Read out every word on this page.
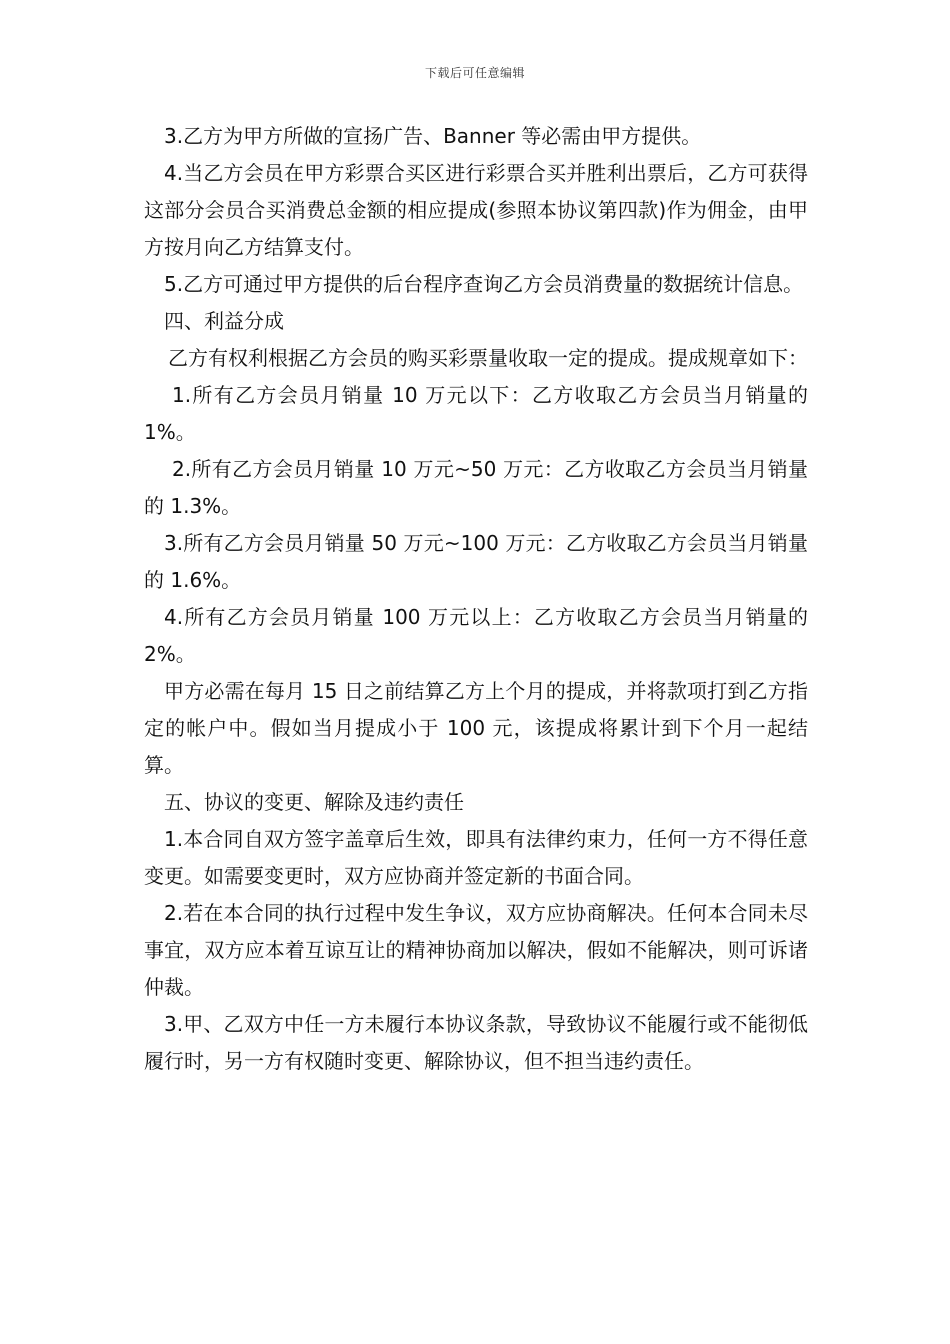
下载后可任意编辑

3.乙方为甲方所做的宣扬广告、Banner 等必需由甲方提供。

4.当乙方会员在甲方彩票合买区进行彩票合买并胜利出票后，乙方可获得这部分会员合买消费总金额的相应提成(参照本协议第四款)作为佣金，由甲方按月向乙方结算支付。

5.乙方可通过甲方提供的后台程序查询乙方会员消费量的数据统计信息。

四、利益分成

乙方有权利根据乙方会员的购买彩票量收取一定的提成。提成规章如下：

1.所有乙方会员月销量 10 万元以下：乙方收取乙方会员当月销量的 1%。

2.所有乙方会员月销量 10 万元~50 万元：乙方收取乙方会员当月销量的 1.3%。

3.所有乙方会员月销量 50 万元~100 万元：乙方收取乙方会员当月销量的 1.6%。

4.所有乙方会员月销量 100 万元以上：乙方收取乙方会员当月销量的 2%。

甲方必需在每月 15 日之前结算乙方上个月的提成，并将款项打到乙方指定的帐户中。假如当月提成小于 100 元，该提成将累计到下个月一起结算。

五、协议的变更、解除及违约责任

1.本合同自双方签字盖章后生效，即具有法律约束力，任何一方不得任意变更。如需要变更时，双方应协商并签定新的书面合同。

2.若在本合同的执行过程中发生争议，双方应协商解决。任何本合同未尽事宜，双方应本着互谅互让的精神协商加以解决，假如不能解决，则可诉诸仲裁。

3.甲、乙双方中任一方未履行本协议条款，导致协议不能履行或不能彻低履行时，另一方有权随时变更、解除协议，但不担当违约责任。
